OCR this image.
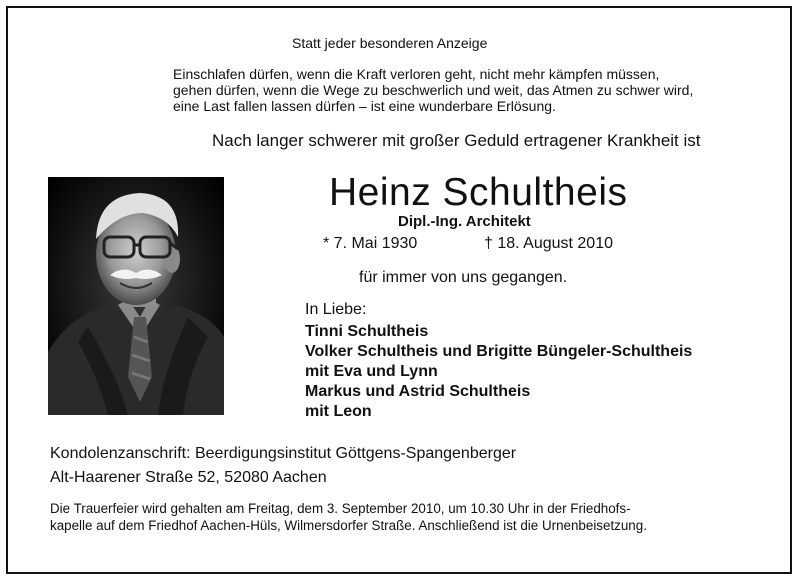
Statt jeder besonderen Anzeige
Einschlafen dürfen, wenn die Kraft verloren geht, nicht mehr kämpfen müssen,
gehen dürfen, wenn die Wege zu beschwerlich und weit, das Atmen zu schwer wird,
eine Last fallen lassen dürfen – ist eine wunderbare Erlösung.
Nach langer schwerer mit großer Geduld ertragener Krankheit ist
Heinz Schultheis
Dipl.-Ing. Architekt
* 7. Mai 1930	† 18. August 2010
für immer von uns gegangen.
In Liebe:
Tinni Schultheis
Volker Schultheis und Brigitte Büngeler-Schultheis
mit Eva und Lynn
Markus und Astrid Schultheis
mit Leon
Kondolenzanschrift: Beerdigungsinstitut Göttgens-Spangenberger
Alt-Haarener Straße 52, 52080 Aachen
Die Trauerfeier wird gehalten am Freitag, dem 3. September 2010, um 10.30 Uhr in der Friedhofs-
kapelle auf dem Friedhof Aachen-Hüls, Wilmersdorfer Straße. Anschließend ist die Urnenbeisetzung.
